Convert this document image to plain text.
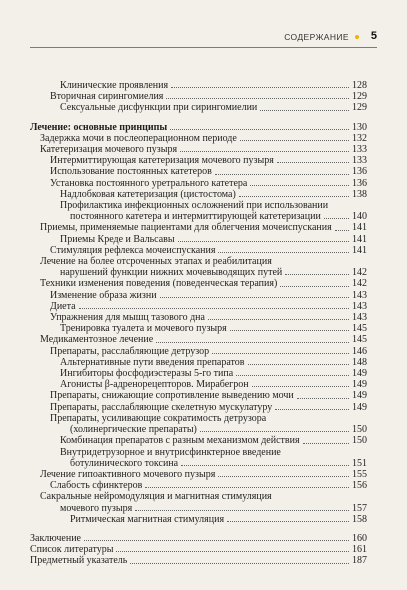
СОДЕРЖАНИЕ 5
Клинические проявления	128
Вторичная сирингомиелия	129
Сексуальные дисфункции при сирингомиелии	129
Лечение: основные принципы	130
Задержка мочи в послеоперационном периоде	132
Катетеризация мочевого пузыря	133
Интермиттирующая катетеризация мочевого пузыря	133
Использование постоянных катетеров	136
Установка постоянного уретрального катетера	136
Надлобковая катетеризация (цистостома)	138
Профилактика инфекционных осложнений при использовании
постоянного катетера и интермиттирующей катетеризации	140
Приемы, применяемые пациентами для облегчения мочеиспускания 141
Приемы Креде и Вальсавы	141
Стимуляция рефлекса мочеиспускания	141
Лечение на более отсроченных этапах и реабилитация
нарушений функции нижних мочевыводящих путей	142
Техники изменения поведения (поведенческая терапия)	142
Изменение образа жизни	143
Диета	143
Упражнения для мышц тазового дна	143
Тренировка туалета и мочевого пузыря	145
Медикаментозное лечение	145
Препараты, расслабляющие детрузор	146
Альтернативные пути введения препаратов	148
Ингибиторы фосфодиэстеразы 5-го типа	149
Агонисты β-адренорецепторов. Мирабегрон	149
Препараты, снижающие сопротивление выведению мочи	149
Препараты, расслабляющие скелетную мускулатуру	149
Препараты, усиливающие сократимость детрузора
(холинергические препараты)	150
Комбинация препаратов с разным механизмом действия	150
Внутридетрузорное и внутрисфинктерное введение
ботулинического токсина	151
Лечение гипоактивного мочевого пузыря	155
Слабость сфинктеров	156
Сакральные нейромодуляция и магнитная стимуляция
мочевого пузыря	157
Ритмическая магнитная стимуляция	158
Заключение	160
Список литературы	161
Предметный указатель	187
